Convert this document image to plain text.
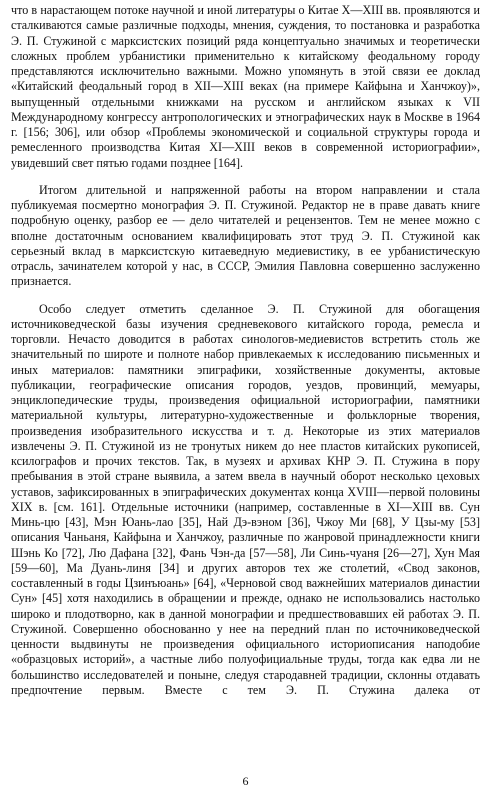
что в нарастающем потоке научной и иной литературы о Китае X—XIII вв. проявляются и сталкиваются самые различные подходы, мнения, суждения, то постановка и разработка Э. П. Стужиной с марксистских позиций ряда концептуально значимых и теоретически сложных проблем урбанистики применительно к китайскому феодальному городу представляются исключительно важными. Можно упомянуть в этой связи ее доклад «Китайский феодальный город в XII—XIII веках (на примере Кайфына и Ханчжоу)», выпущенный отдельными книжками на русском и английском языках к VII Международному конгрессу антропологических и этнографических наук в Москве в 1964 г. [156; 306], или обзор «Проблемы экономической и социальной структуры города и ремесленного производства Китая XI—XIII веков в современной историографии», увидевший свет пятью годами позднее [164].

Итогом длительной и напряженной работы на втором направлении и стала публикуемая посмертно монография Э. П. Стужиной. Редактор не в праве давать книге подробную оценку, разбор ее — дело читателей и рецензентов. Тем не менее можно с вполне достаточным основанием квалифицировать этот труд Э. П. Стужиной как серьезный вклад в марксистскую китаеведную медиевистику, в ее урбанистическую отрасль, зачинателем которой у нас, в СССР, Эмилия Павловна совершенно заслуженно признается.

Особо следует отметить сделанное Э. П. Стужиной для обогащения источниковедческой базы изучения средневекового китайского города, ремесла и торговли. Нечасто доводится в работах синологов-медиевистов встретить столь же значительный по широте и полноте набор привлекаемых к исследованию письменных и иных материалов: памятники эпиграфики, хозяйственные документы, актовые публикации, географические описания городов, уездов, провинций, мемуары, энциклопедические труды, произведения официальной историографии, памятники материальной культуры, литературно-художественные и фольклорные творения, произведения изобразительного искусства и т. д. Некоторые из этих материалов извлечены Э. П. Стужиной из не тронутых никем до нее пластов китайских рукописей, ксилографов и прочих текстов. Так, в музеях и архивах КНР Э. П. Стужина в пору пребывания в этой стране выявила, а затем ввела в научный оборот несколько цеховых уставов, зафиксированных в эпиграфических документах конца XVIII—первой половины XIX в. [см. 161]. Отдельные источники (например, составленные в XI—XIII вв. Сун Минь-цю [43], Мэн Юань-лао [35], Най Дэ-вэном [36], Чжоу Ми [68], У Цзы-му [53] описания Чаньаня, Кайфына и Ханчжоу, различные по жанровой принадлежности книги Шэнь Ко [72], Лю Дафана [32], Фань Чэн-да [57—58], Ли Синь-чуаня [26—27], Хун Мая [59—60], Ма Дуань-линя [34] и других авторов тех же столетий, «Свод законов, составленный в годы Цзинъюань» [64], «Черновой свод важнейших материалов династии Сун» [45] хотя находились в обращении и прежде, однако не использовались настолько широко и плодотворно, как в данной монографии и предшествовавших ей работах Э. П. Стужиной. Совершенно обоснованно у нее на передний план по источниковедческой ценности выдвинуты не произведения официального историописания наподобие «образцовых историй», а частные либо полуофициальные труды, тогда как едва ли не большинство исследователей и поныне, следуя стародавней традиции, склонны отдавать предпочтение первым. Вместе с тем Э. П. Стужина далека от

6
